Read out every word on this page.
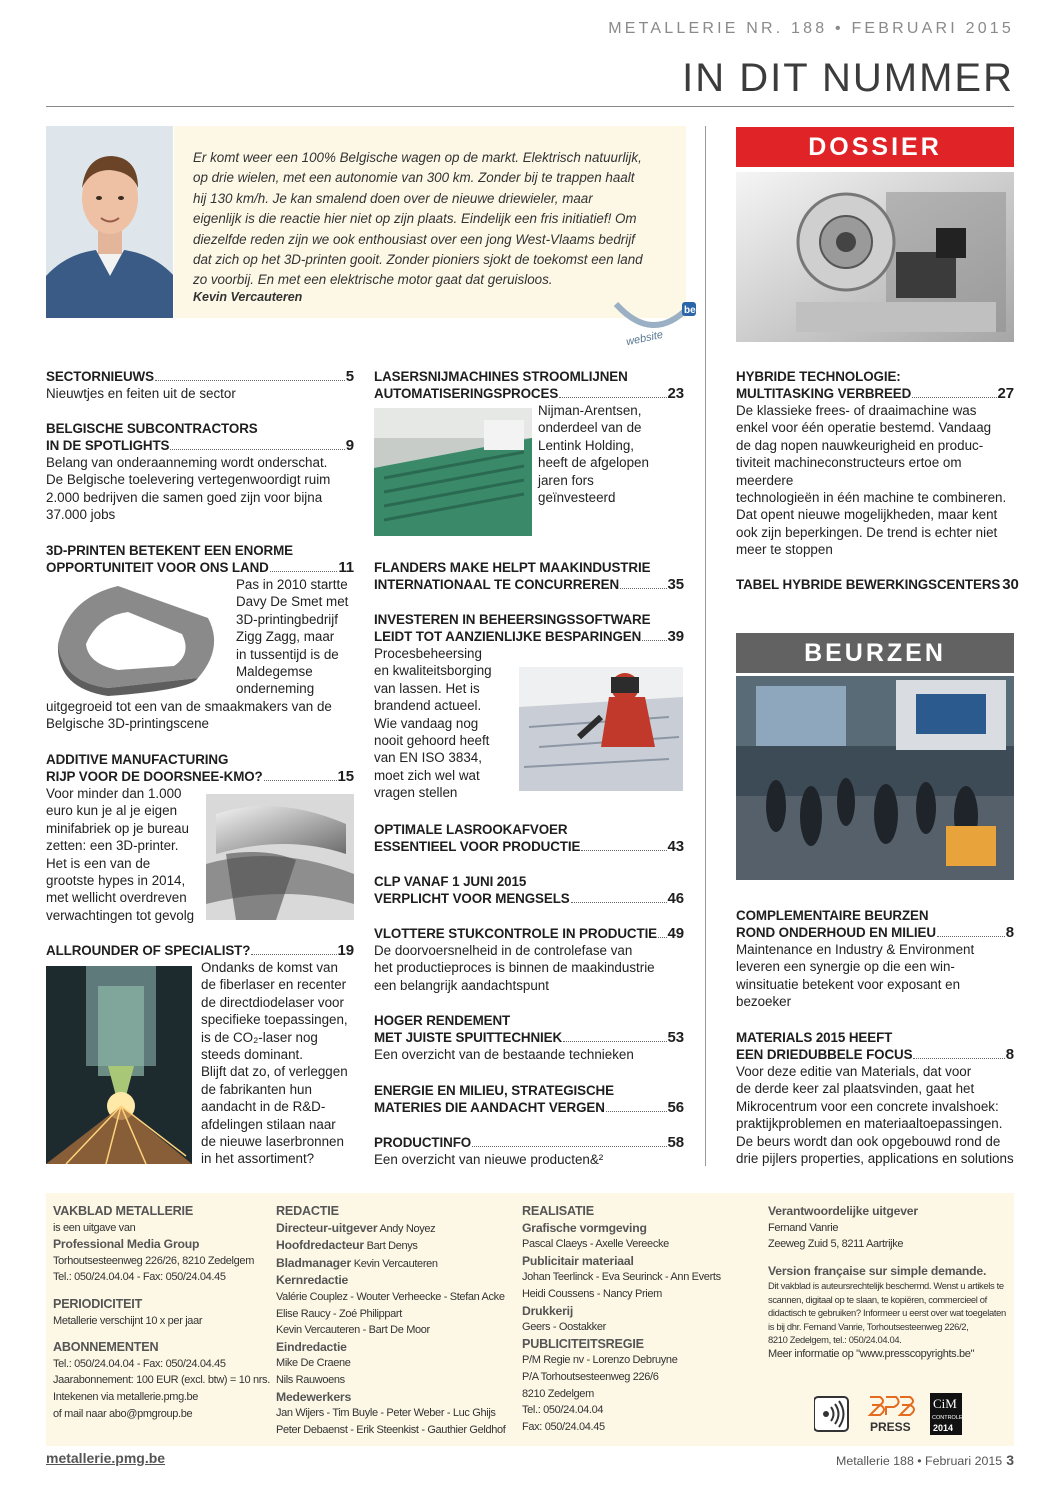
METALLERIE NR. 188 • FEBRUARI 2015
IN DIT NUMMER
Er komt weer een 100% Belgische wagen op de markt. Elektrisch natuurlijk,
op drie wielen, met een autonomie van 300 km. Zonder bij te trappen haalt
hij 130 km/h. Je kan smalend doen over de nieuwe driewieler, maar
eigenlijk is die reactie hier niet op zijn plaats. Eindelijk een fris initiatief! Om
diezelfde reden zijn we ook enthousiast over een jong West-Vlaams bedrijf
dat zich op het 3D-printen gooit. Zonder pioniers sjokt de toekomst een land
zo voorbij. En met een elektrische motor gaat dat geruisloos.
Kevin Vercauteren
website
be
DOSSIER
BEURZEN
SECTORNIEUWS	5
Nieuwtjes en feiten uit de sector
BELGISCHE SUBCONTRACTORS
IN DE SPOTLIGHTS	9
Belang van onderaanneming wordt onderschat.
De Belgische toelevering vertegenwoordigt ruim
2.000 bedrijven die samen goed zijn voor bijna
37.000 jobs
3D-PRINTEN BETEKENT EEN ENORME
OPPORTUNITEIT VOOR ONS LAND	11
Pas in 2010 startte
Davy De Smet met
3D-printingbedrijf
Zigg Zagg, maar
in tussentijd is de
Maldegemse
onderneming
uitgegroeid tot een van de smaakmakers van de
Belgische 3D-printingscene
ADDITIVE MANUFACTURING
RIJP VOOR DE DOORSNEE-KMO?	15
Voor minder dan 1.000
euro kun je al je eigen
minifabriek op je bureau
zetten: een 3D-printer.
Het is een van de
grootste hypes in 2014,
met wellicht overdreven
verwachtingen tot gevolg
ALLROUNDER OF SPECIALIST?	19
Ondanks de komst van
de fiberlaser en recenter
de directdiodelaser voor
specifieke toepassingen,
is de CO₂-laser nog
steeds dominant.
Blijft dat zo, of verleggen
de fabrikanten hun
aandacht in de R&D-
afdelingen stilaan naar
de nieuwe laserbronnen
in het assortiment?
LASERSNIJMACHINES STROOMLIJNEN
AUTOMATISERINGSPROCES	23
Nijman-Arentsen,
onderdeel van de
Lentink Holding,
heeft de afgelopen
jaren fors
geïnvesteerd
FLANDERS MAKE HELPT MAAKINDUSTRIE
INTERNATIONAAL TE CONCURREREN	35
INVESTEREN IN BEHEERSINGSSOFTWARE
LEIDT TOT AANZIENLIJKE BESPARINGEN 39
Procesbeheersing
en kwaliteitsborging
van lassen. Het is
brandend actueel.
Wie vandaag nog
nooit gehoord heeft
van EN ISO 3834,
moet zich wel wat
vragen stellen
OPTIMALE LASROOKAFVOER
ESSENTIEEL VOOR PRODUCTIE	43
CLP VANAF 1 JUNI 2015
VERPLICHT VOOR MENGSELS	46
VLOTTERE STUKCONTROLE IN PRODUCTIE 49
De doorvoersnelheid in de controlefase van
het productieproces is binnen de maakindustrie
een belangrijk aandachtspunt
HOGER RENDEMENT
MET JUISTE SPUITTECHNIEK	53
Een overzicht van de bestaande technieken
ENERGIE EN MILIEU, STRATEGISCHE
MATERIES DIE AANDACHT VERGEN	56
PRODUCTINFO	58
Een overzicht van nieuwe producten&²
HYBRIDE TECHNOLOGIE:
MULTITASKING VERBREED	27
De klassieke frees- of draaimachine was
enkel voor één operatie bestemd. Vandaag
de dag nopen nauwkeurigheid en produc-
tiviteit machineconstructeurs ertoe om meerdere
technologieën in één machine te combineren.
Dat opent nieuwe mogelijkheden, maar kent
ook zijn beperkingen. De trend is echter niet
meer te stoppen
TABEL HYBRIDE BEWERKINGSCENTERS 30
COMPLEMENTAIRE BEURZEN
ROND ONDERHOUD EN MILIEU	8
Maintenance en Industry & Environment
leveren een synergie op die een win-
winsituatie betekent voor exposant en
bezoeker
MATERIALS 2015 HEEFT
EEN DRIEDUBBELE FOCUS	8
Voor deze editie van Materials, dat voor
de derde keer zal plaatsvinden, gaat het
Mikrocentrum voor een concrete invalshoek:
praktijkproblemen en materiaaltoepassingen.
De beurs wordt dan ook opgebouwd rond de
drie pijlers properties, applications en solutions
VAKBLAD METALLERIE
is een uitgave van
Professional Media Group
Torhoutsesteenweg 226/26, 8210 Zedelgem
Tel.: 050/24.04.04 - Fax: 050/24.04.45
PERIODICITEIT
Metallerie verschijnt 10 x per jaar
ABONNEMENTEN
Tel.: 050/24.04.04 - Fax: 050/24.04.45
Jaarabonnement: 100 EUR (excl. btw) = 10 nrs.
Intekenen via metallerie.pmg.be
of mail naar abo@pmgroup.be
REDACTIE
Directeur-uitgever Andy Noyez
Hoofdredacteur Bart Denys
Bladmanager Kevin Vercauteren
Kernredactie
Valérie Couplez - Wouter Verheecke - Stefan Acke
Elise Raucy - Zoé Philippart
Kevin Vercauteren - Bart De Moor
Eindredactie
Mike De Craene
Nils Rauwoens
Medewerkers
Jan Wijers - Tim Buyle - Peter Weber - Luc Ghijs
Peter Debaenst - Erik Steenkist - Gauthier Geldhof
REALISATIE
Grafische vormgeving
Pascal Claeys - Axelle Vereecke
Publicitair materiaal
Johan Teerlinck - Eva Seurinck - Ann Everts
Heidi Coussens - Nancy Priem
Drukkerij
Geers - Oostakker
PUBLICITEITSREGIE
P/M Regie nv - Lorenzo Debruyne
P/A Torhoutsesteenweg 226/6
8210 Zedelgem
Tel.: 050/24.04.04
Fax: 050/24.04.45
Verantwoordelijke uitgever
Fernand Vanrie
Zeeweg Zuid 5, 8211 Aartrijke
Version française sur simple demande.
Dit vakblad is auteursrechtelijk beschermd. Wenst u artikels te
scannen, digitaal op te slaan, te kopiëren, commercieel of
didactisch te gebruiken? Informeer u eerst over wat toegelaten
is bij dhr. Fernand Vanrie, Torhoutsesteenweg 226/2,
8210 Zedelgem, tel.: 050/24.04.04.
Meer informatie op "www.presscopyrights.be"
PRESS
CiM
CONTROLE
2014
metallerie.pmg.be	Metallerie 188 • Februari 2015 3
